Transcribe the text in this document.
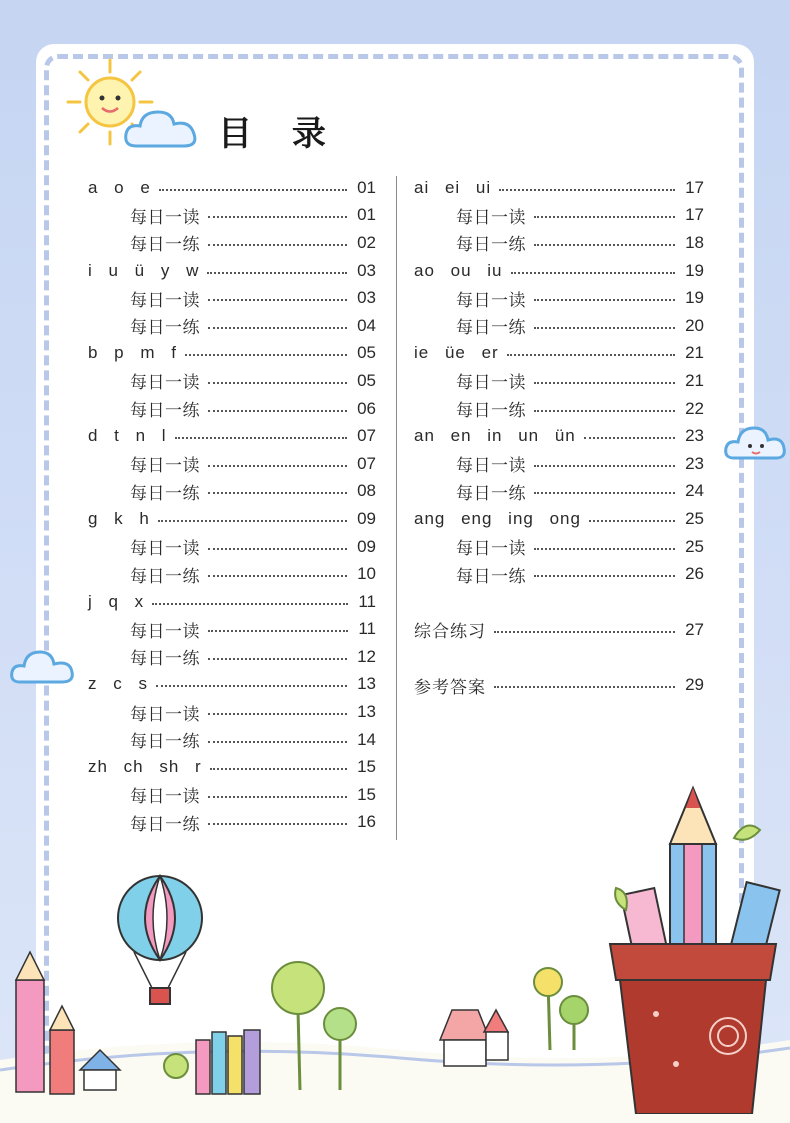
目 录
a o e	01
每日一读	01
每日一练	02
i u ü y w	03
每日一读	03
每日一练	04
b p m f	05
每日一读	05
每日一练	06
d t n l	07
每日一读	07
每日一练	08
g k h	09
每日一读	09
每日一练	10
j q x	11
每日一读	11
每日一练	12
z c s	13
每日一读	13
每日一练	14
zh ch sh r	15
每日一读	15
每日一练	16
ai ei ui	17
每日一读	17
每日一练	18
ao ou iu	19
每日一读	19
每日一练	20
ie üe er	21
每日一读	21
每日一练	22
an en in un ün	23
每日一读	23
每日一练	24
ang eng ing ong	25
每日一读	25
每日一练	26
综合练习	27
参考答案	29
